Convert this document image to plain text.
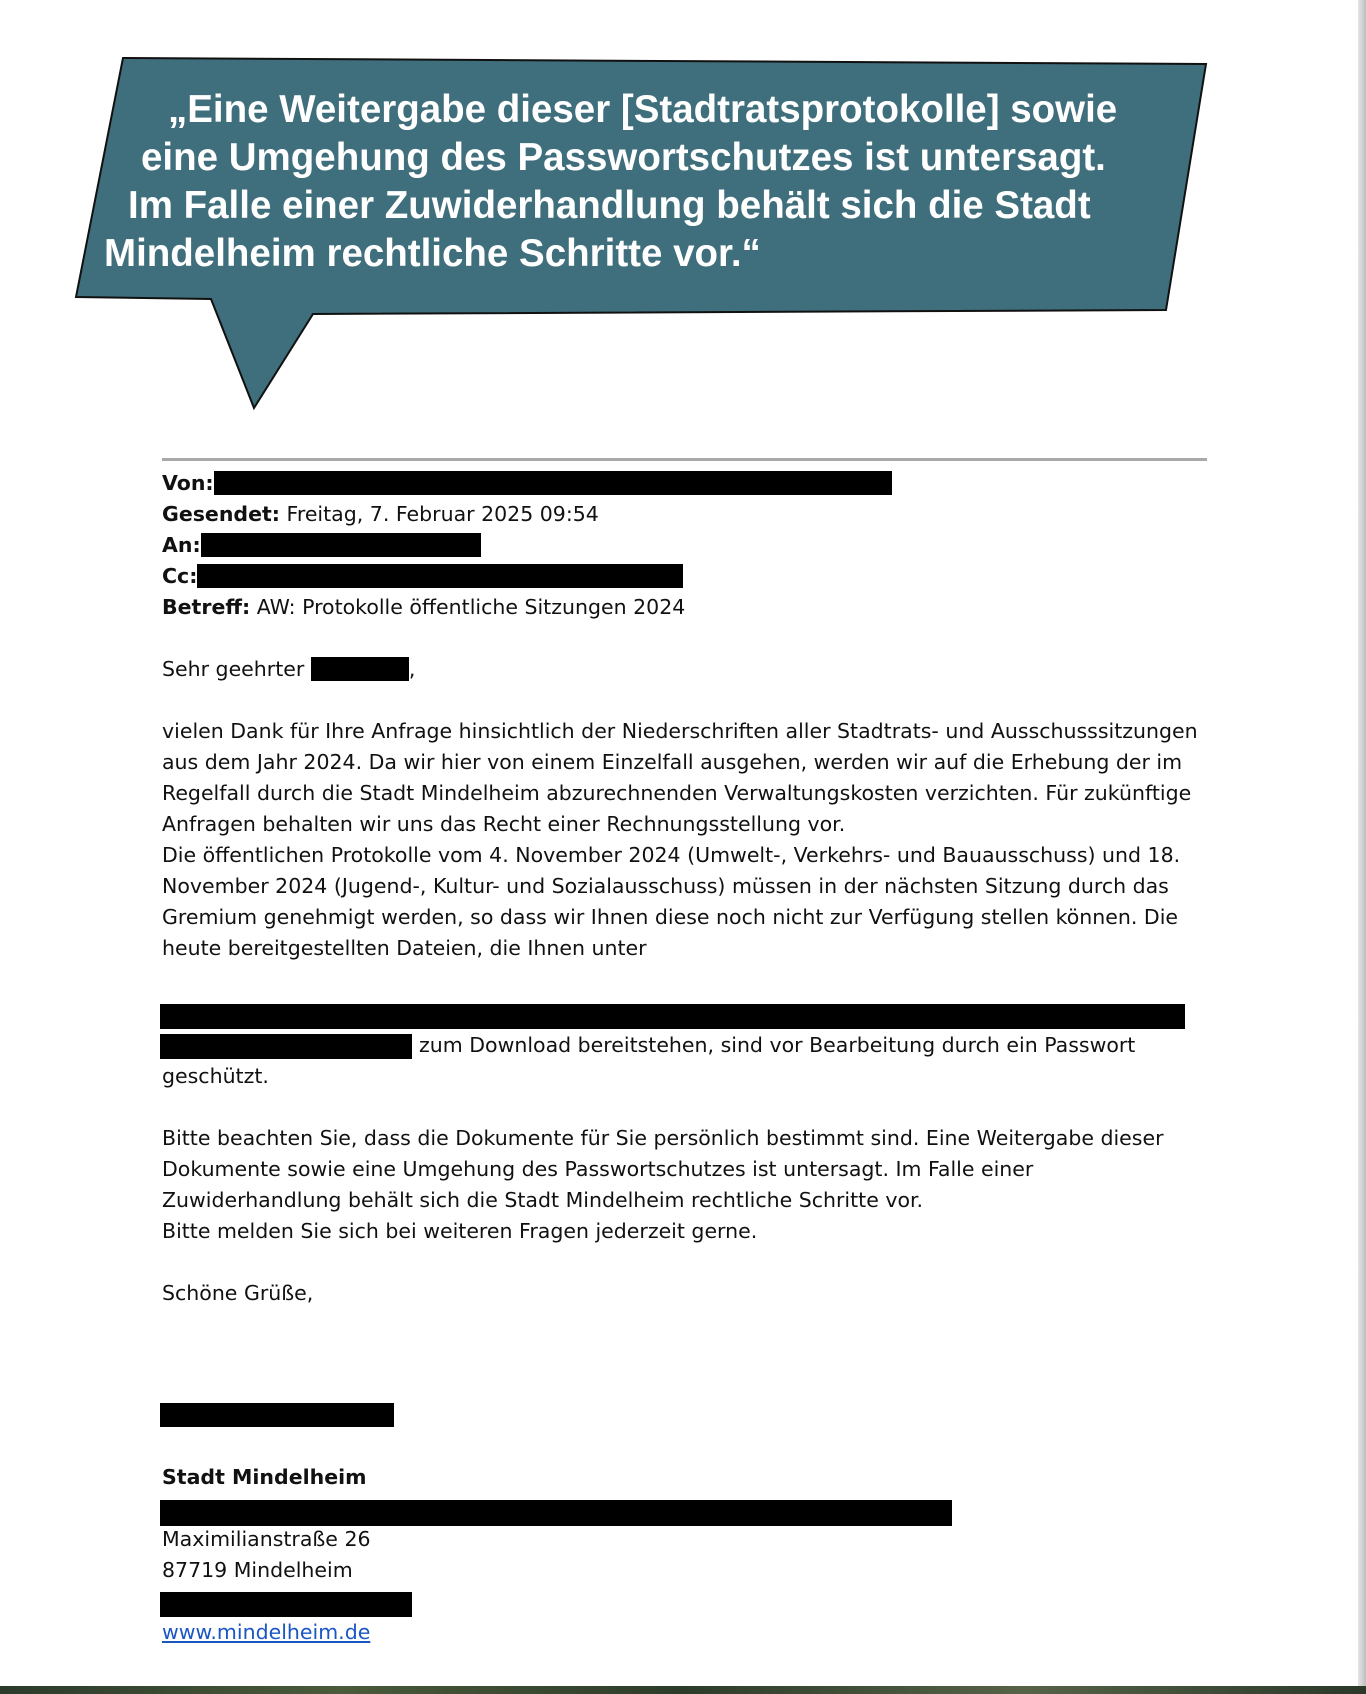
„Eine Weitergabe dieser [Stadtratsprotokolle] sowie
eine Umgehung des Passwortschutzes ist untersagt.
Im Falle einer Zuwiderhandlung behält sich die Stadt
Mindelheim rechtliche Schritte vor.“
Von:
Gesendet: Freitag, 7. Februar 2025 09:54
An:
Cc:
Betreff: AW: Protokolle öffentliche Sitzungen 2024
Sehr geehrter	,
vielen Dank für Ihre Anfrage hinsichtlich der Niederschriften aller Stadtrats- und Ausschusssitzungen
aus dem Jahr 2024. Da wir hier von einem Einzelfall ausgehen, werden wir auf die Erhebung der im
Regelfall durch die Stadt Mindelheim abzurechnenden Verwaltungskosten verzichten. Für zukünftige
Anfragen behalten wir uns das Recht einer Rechnungsstellung vor.
Die öffentlichen Protokolle vom 4. November 2024 (Umwelt-, Verkehrs- und Bauausschuss) und 18.
November 2024 (Jugend-, Kultur- und Sozialausschuss) müssen in der nächsten Sitzung durch das
Gremium genehmigt werden, so dass wir Ihnen diese noch nicht zur Verfügung stellen können. Die
heute bereitgestellten Dateien, die Ihnen unter
zum Download bereitstehen, sind vor Bearbeitung durch ein Passwort
geschützt.
Bitte beachten Sie, dass die Dokumente für Sie persönlich bestimmt sind. Eine Weitergabe dieser
Dokumente sowie eine Umgehung des Passwortschutzes ist untersagt. Im Falle einer
Zuwiderhandlung behält sich die Stadt Mindelheim rechtliche Schritte vor.
Bitte melden Sie sich bei weiteren Fragen jederzeit gerne.
Schöne Grüße,
Stadt Mindelheim
Maximilianstraße 26
87719 Mindelheim
www.mindelheim.de
